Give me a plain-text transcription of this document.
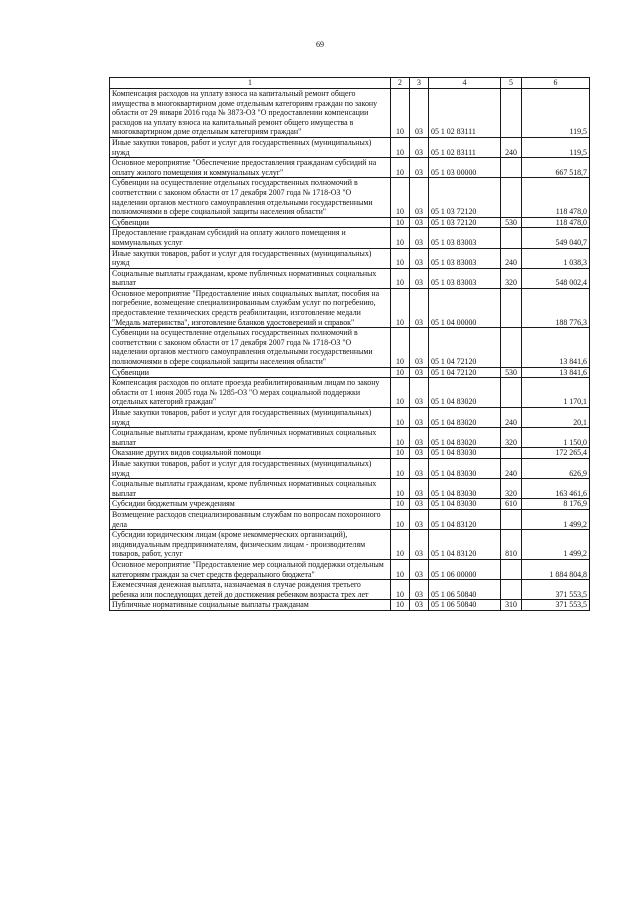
69
1	2	3	4	5	6
Компенсация расходов на уплату взноса на капитальный ремонт общего имущества в многоквартирном доме отдельным категориям граждан по закону области от 29 января 2016 года № 3873-ОЗ "О предоставлении компенсации расходов на уплату взноса на капитальный ремонт общего имущества в многоквартирном доме отдельным категориям граждан"	10	03	05 1 02 83111		119,5
Иные закупки товаров, работ и услуг для государственных (муниципальных) нужд	10	03	05 1 02 83111	240	119,5
Основное мероприятие "Обеспечение предоставления гражданам субсидий на оплату жилого помещения и коммунальных услуг"	10	03	05 1 03 00000		667 518,7
Субвенции на осуществление отдельных государственных полномочий в соответствии с законом области от 17 декабря 2007 года № 1718-ОЗ "О наделении органов местного самоуправления отдельными государственными полномочиями в сфере социальной защиты населения области"	10	03	05 1 03 72120		118 478,0
Субвенции	10	03	05 1 03 72120	530	118 478,0
Предоставление гражданам субсидий на оплату жилого помещения и коммунальных услуг	10	03	05 1 03 83003		549 040,7
Иные закупки товаров, работ и услуг для государственных (муниципальных) нужд	10	03	05 1 03 83003	240	1 038,3
Социальные выплаты гражданам, кроме публичных нормативных социальных выплат	10	03	05 1 03 83003	320	548 002,4
Основное мероприятие "Предоставление иных социальных выплат, пособия на погребение, возмещение специализированным службам услуг по погребению, предоставление технических средств реабилитации, изготовление медали "Медаль материнства", изготовление бланков удостоверений и справок"	10	03	05 1 04 00000		188 776,3
Субвенции на осуществление отдельных государственных полномочий в соответствии с законом области от 17 декабря 2007 года № 1718-ОЗ "О наделении органов местного самоуправления отдельными государственными полномочиями в сфере социальной защиты населения области"	10	03	05 1 04 72120		13 841,6
Субвенции	10	03	05 1 04 72120	530	13 841,6
Компенсация расходов по оплате проезда реабилитированным лицам по закону области от 1 июня 2005 года № 1285-ОЗ "О мерах социальной поддержки отдельных категорий граждан"	10	03	05 1 04 83020		1 170,1
Иные закупки товаров, работ и услуг для государственных (муниципальных) нужд	10	03	05 1 04 83020	240	20,1
Социальные выплаты гражданам, кроме публичных нормативных социальных выплат	10	03	05 1 04 83020	320	1 150,0
Оказание других видов социальной помощи	10	03	05 1 04 83030		172 265,4
Иные закупки товаров, работ и услуг для государственных (муниципальных) нужд	10	03	05 1 04 83030	240	626,9
Социальные выплаты гражданам, кроме публичных нормативных социальных выплат	10	03	05 1 04 83030	320	163 461,6
Субсидии бюджетным учреждениям	10	03	05 1 04 83030	610	8 176,9
Возмещение расходов специализированным службам по вопросам похоронного дела	10	03	05 1 04 83120		1 499,2
Субсидии юридическим лицам (кроме некоммерческих организаций), индивидуальным предпринимателям, физическим лицам - производителям товаров, работ, услуг	10	03	05 1 04 83120	810	1 499,2
Основное мероприятие "Предоставление мер социальной поддержки отдельным категориям граждан за счет средств федерального бюджета"	10	03	05 1 06 00000		1 884 804,8
Ежемесячная денежная выплата, назначаемая в случае рождения третьего ребенка или последующих детей до достижения ребенком возраста трех лет	10	03	05 1 06 50840		371 553,5
Публичные нормативные социальные выплаты гражданам	10	03	05 1 06 50840	310	371 553,5
